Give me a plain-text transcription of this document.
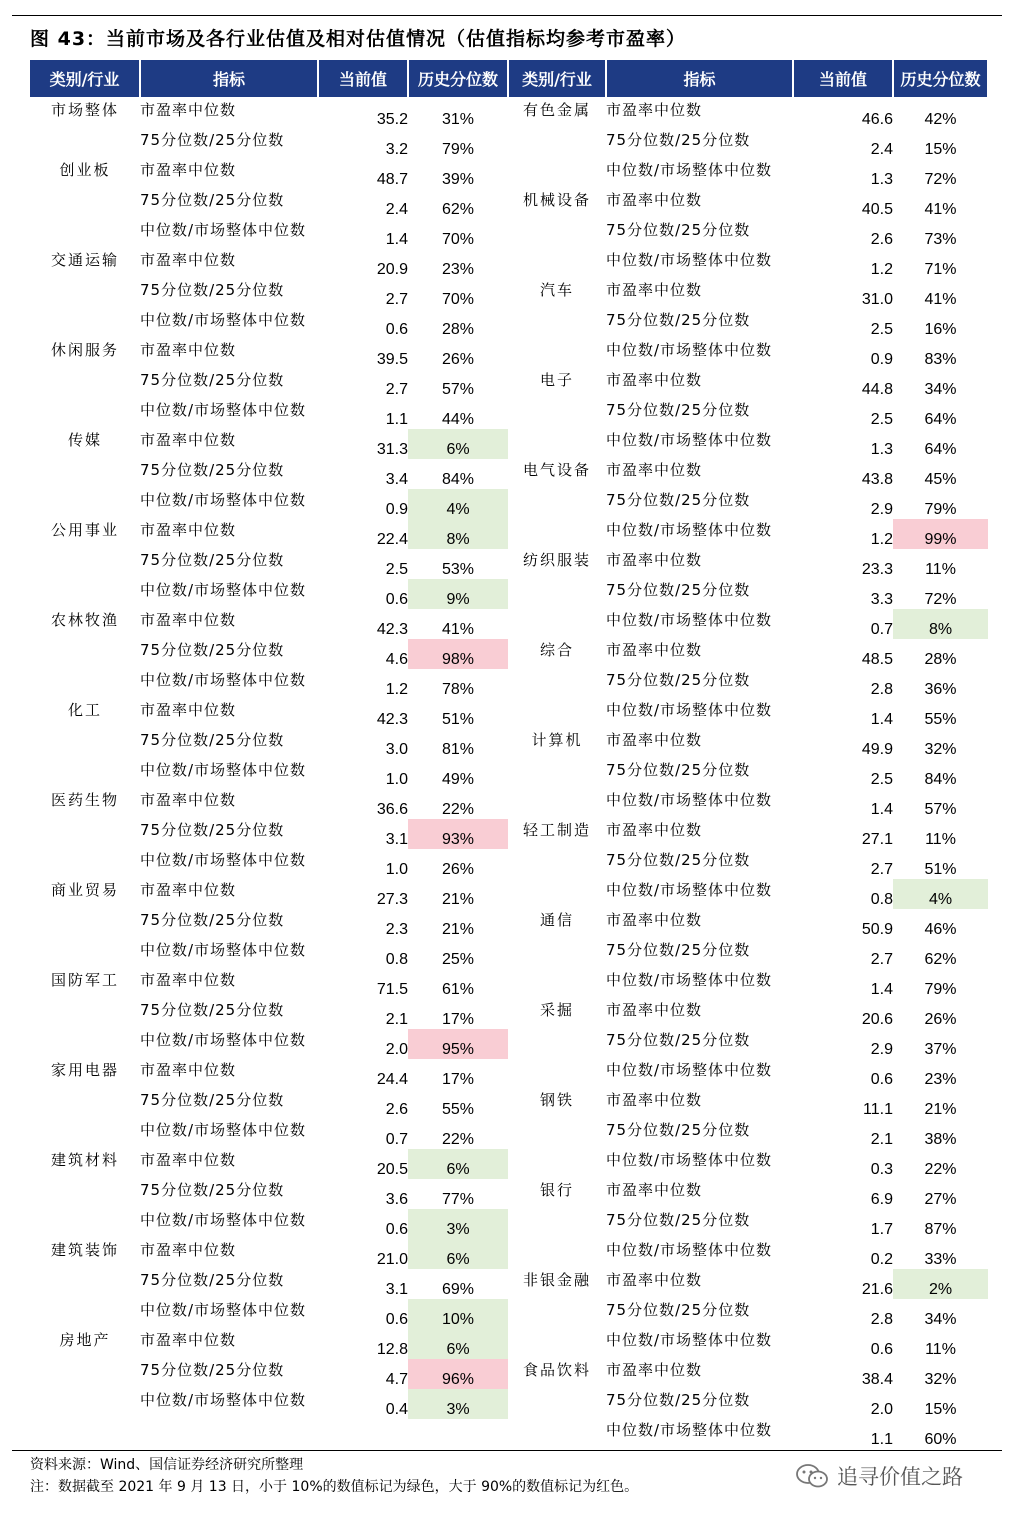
图 43：当前市场及各行业估值及相对估值情况（估值指标均参考市盈率）
类别/行业	指标	当前值	历史分位数	类别/行业	指标	当前值	历史分位数

市场整体	市盈率中位数	35.2	31%	有色金属	市盈率中位数	46.6	42%
	75分位数/25分位数	3.2	79%		75分位数/25分位数	2.4	15%
创业板	市盈率中位数	48.7	39%		中位数/市场整体中位数	1.3	72%
	75分位数/25分位数	2.4	62%	机械设备	市盈率中位数	40.5	41%
	中位数/市场整体中位数	1.4	70%		75分位数/25分位数	2.6	73%
交通运输	市盈率中位数	20.9	23%		中位数/市场整体中位数	1.2	71%
	75分位数/25分位数	2.7	70%	汽车	市盈率中位数	31.0	41%
	中位数/市场整体中位数	0.6	28%		75分位数/25分位数	2.5	16%
休闲服务	市盈率中位数	39.5	26%		中位数/市场整体中位数	0.9	83%
	75分位数/25分位数	2.7	57%	电子	市盈率中位数	44.8	34%
	中位数/市场整体中位数	1.1	44%		75分位数/25分位数	2.5	64%
传媒	市盈率中位数	31.3	6%		中位数/市场整体中位数	1.3	64%
	75分位数/25分位数	3.4	84%	电气设备	市盈率中位数	43.8	45%
	中位数/市场整体中位数	0.9	4%		75分位数/25分位数	2.9	79%
公用事业	市盈率中位数	22.4	8%		中位数/市场整体中位数	1.2	99%
	75分位数/25分位数	2.5	53%	纺织服装	市盈率中位数	23.3	11%
	中位数/市场整体中位数	0.6	9%		75分位数/25分位数	3.3	72%
农林牧渔	市盈率中位数	42.3	41%		中位数/市场整体中位数	0.7	8%
	75分位数/25分位数	4.6	98%	综合	市盈率中位数	48.5	28%
	中位数/市场整体中位数	1.2	78%		75分位数/25分位数	2.8	36%
化工	市盈率中位数	42.3	51%		中位数/市场整体中位数	1.4	55%
	75分位数/25分位数	3.0	81%	计算机	市盈率中位数	49.9	32%
	中位数/市场整体中位数	1.0	49%		75分位数/25分位数	2.5	84%
医药生物	市盈率中位数	36.6	22%		中位数/市场整体中位数	1.4	57%
	75分位数/25分位数	3.1	93%	轻工制造	市盈率中位数	27.1	11%
	中位数/市场整体中位数	1.0	26%		75分位数/25分位数	2.7	51%
商业贸易	市盈率中位数	27.3	21%		中位数/市场整体中位数	0.8	4%
	75分位数/25分位数	2.3	21%	通信	市盈率中位数	50.9	46%
	中位数/市场整体中位数	0.8	25%		75分位数/25分位数	2.7	62%
国防军工	市盈率中位数	71.5	61%		中位数/市场整体中位数	1.4	79%
	75分位数/25分位数	2.1	17%	采掘	市盈率中位数	20.6	26%
	中位数/市场整体中位数	2.0	95%		75分位数/25分位数	2.9	37%
家用电器	市盈率中位数	24.4	17%		中位数/市场整体中位数	0.6	23%
	75分位数/25分位数	2.6	55%	钢铁	市盈率中位数	11.1	21%
	中位数/市场整体中位数	0.7	22%		75分位数/25分位数	2.1	38%
建筑材料	市盈率中位数	20.5	6%		中位数/市场整体中位数	0.3	22%
	75分位数/25分位数	3.6	77%	银行	市盈率中位数	6.9	27%
	中位数/市场整体中位数	0.6	3%		75分位数/25分位数	1.7	87%
建筑装饰	市盈率中位数	21.0	6%		中位数/市场整体中位数	0.2	33%
	75分位数/25分位数	3.1	69%	非银金融	市盈率中位数	21.6	2%
	中位数/市场整体中位数	0.6	10%		75分位数/25分位数	2.8	34%
房地产	市盈率中位数	12.8	6%		中位数/市场整体中位数	0.6	11%
	75分位数/25分位数	4.7	96%	食品饮料	市盈率中位数	38.4	32%
	中位数/市场整体中位数	0.4	3%		75分位数/25分位数	2.0	15%
					中位数/市场整体中位数	1.1	60%
资料来源：Wind、国信证券经济研究所整理
注：数据截至 2021 年 9 月 13 日，小于 10%的数值标记为绿色，大于 90%的数值标记为红色。	追寻价值之路
